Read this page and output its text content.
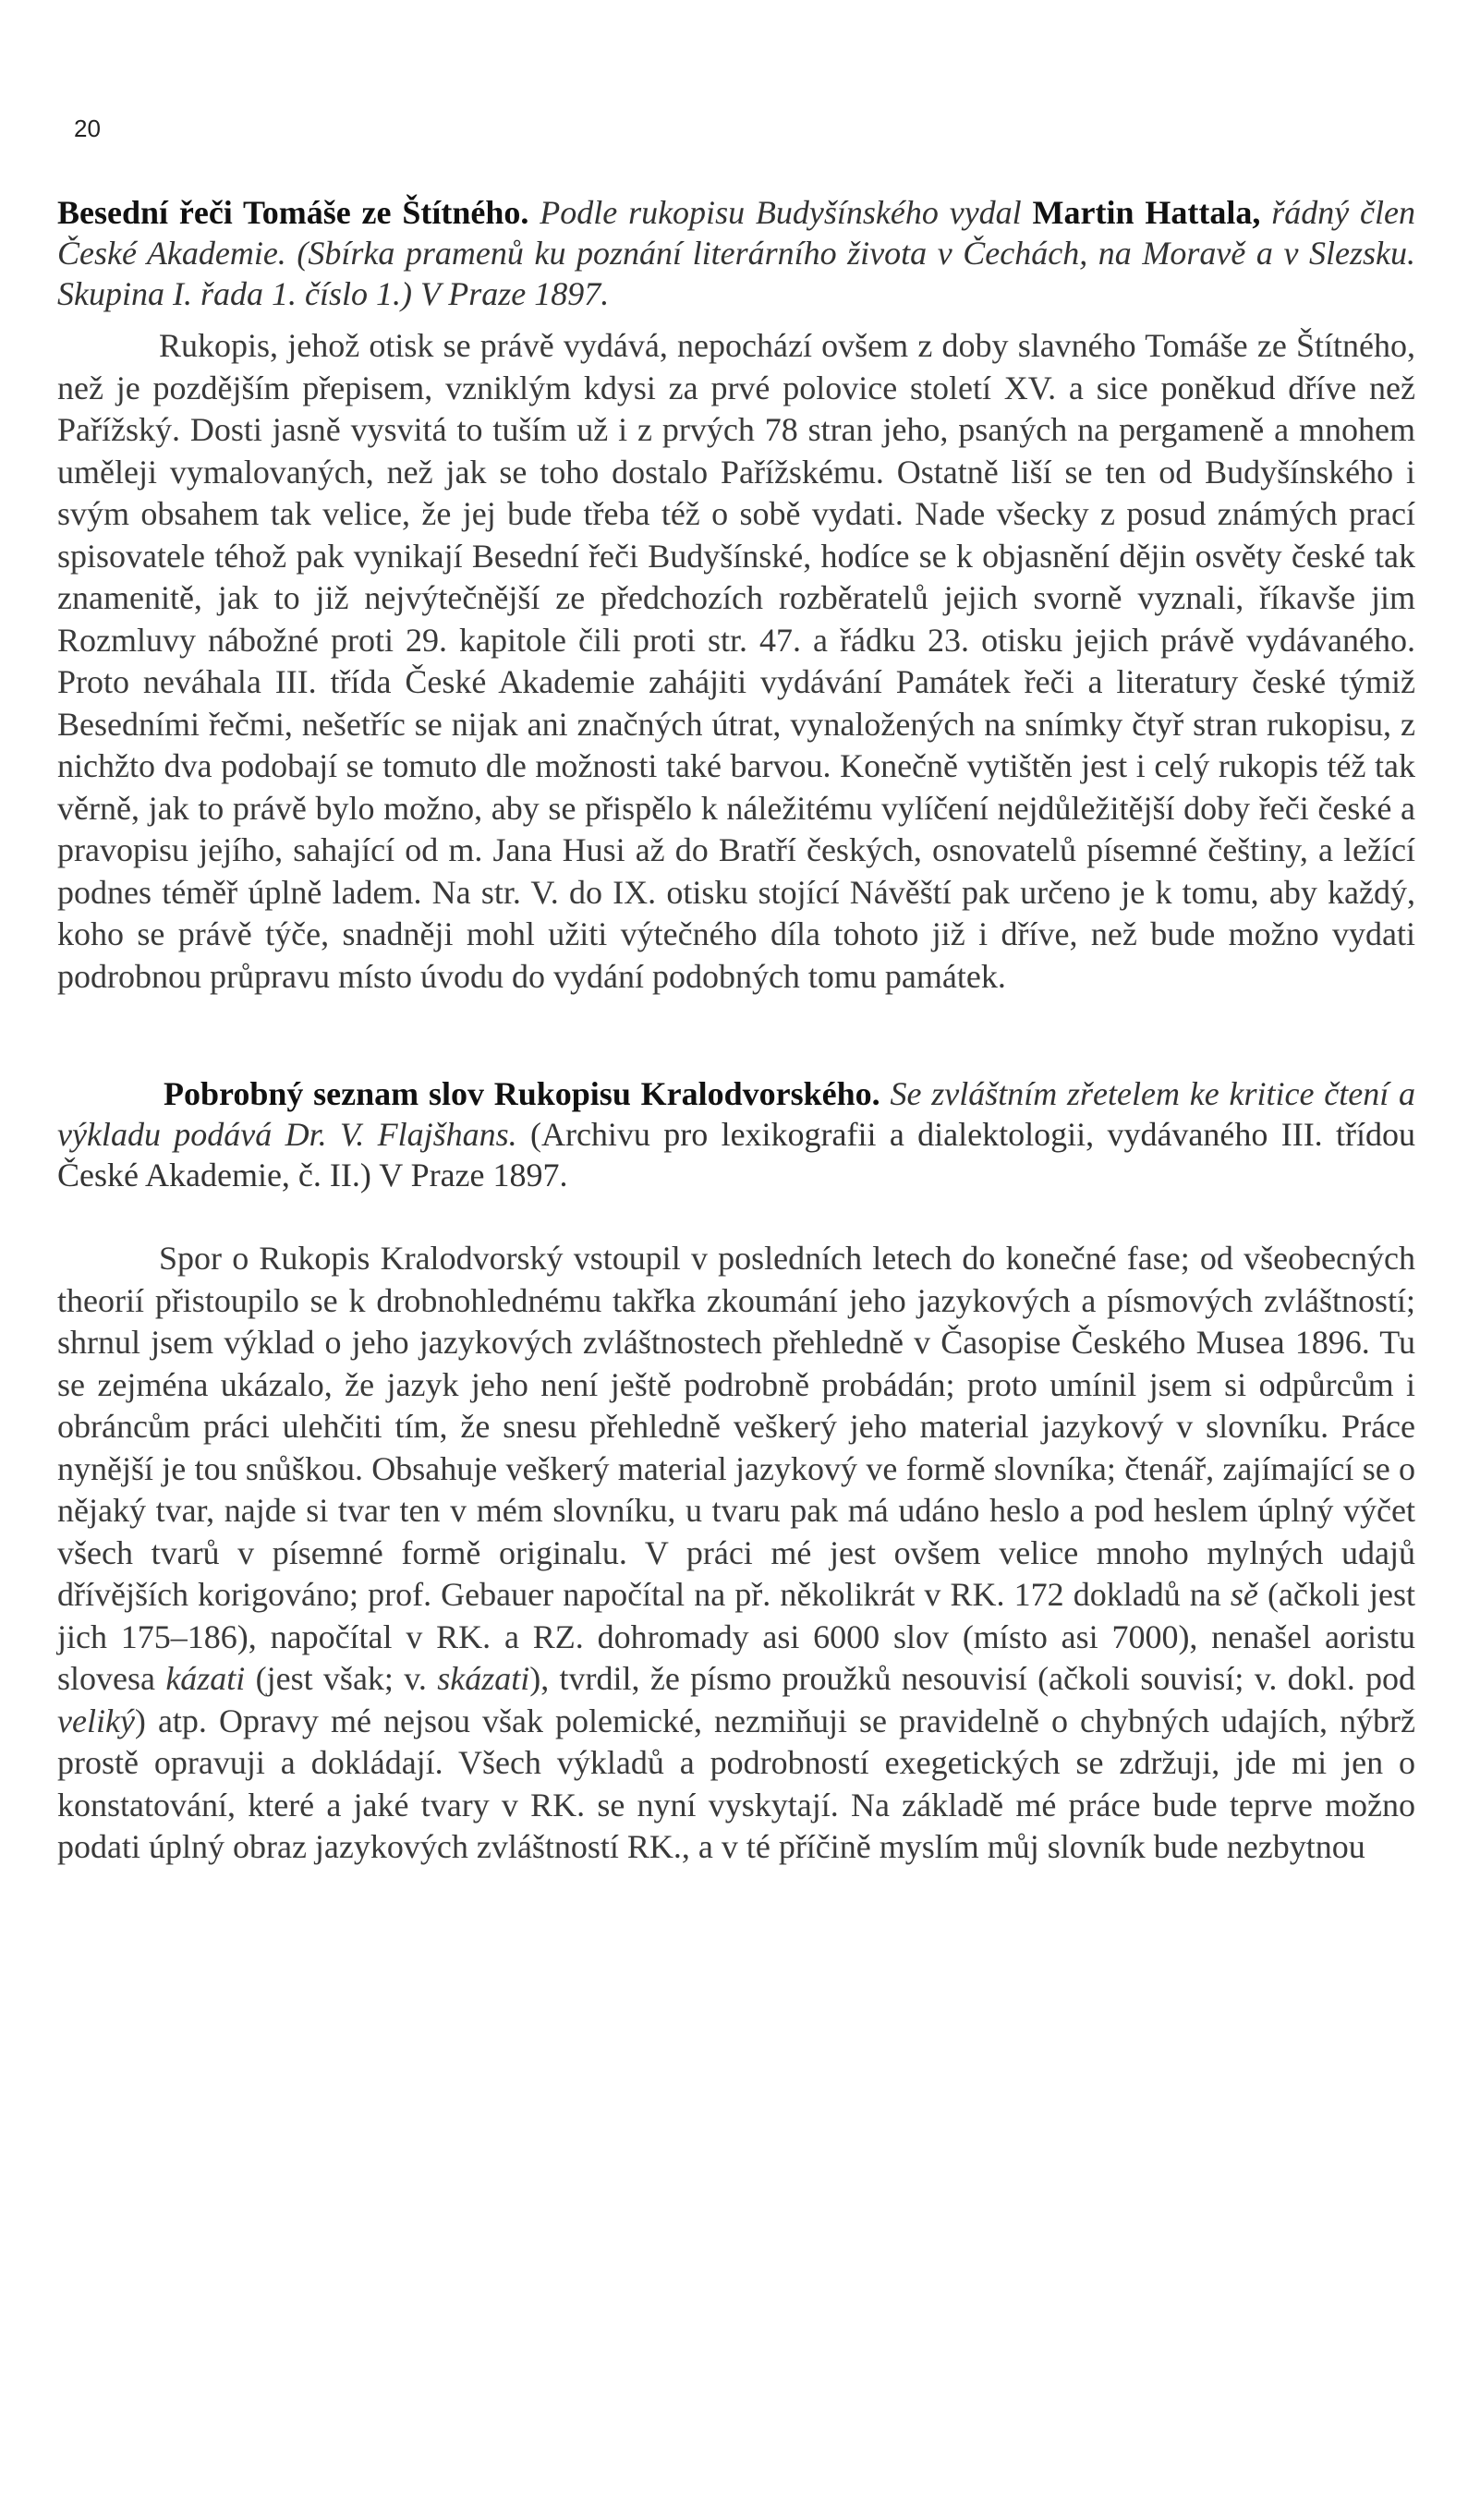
20

Besední řeči Tomáše ze Štítného. Podle rukopisu Budyšínského vydal Martin Hattala, řádný člen České Akademie. (Sbírka pramenů ku poznání literárního života v Čechách, na Moravě a v Slezsku. Skupina I. řada 1. číslo 1.) V Praze 1897.

Rukopis, jehož otisk se právě vydává, nepochází ovšem z doby slavného Tomáše ze Štítného, než je pozdějším přepisem, vzniklým kdysi za prvé polovice století XV. a sice poněkud dříve než Pařížský. Dosti jasně vysvitá to tuším už i z prvých 78 stran jeho, psaných na pergameně a mnohem uměleji vymalovaných, než jak se toho dostalo Pařížskému. Ostatně liší se ten od Budyšínského i svým obsahem tak velice, že jej bude třeba též o sobě vydati. Nade všecky z posud známých prací spisovatele téhož pak vynikají Besední řeči Budyšínské, hodíce se k objasnění dějin osvěty české tak znamenitě, jak to již nejvýtečnější ze předchozích rozběratelů jejich svorně vyznali, říkavše jim Rozmluvy nábožné proti 29. kapitole čili proti str. 47. a řádku 23. otisku jejich právě vydávaného. Proto neváhala III. třída České Akademie zahájiti vydávání Památek řeči a literatury české týmiž Besedními řečmi, nešetříc se nijak ani značných útrat, vynaložených na snímky čtyř stran rukopisu, z nichžto dva podobají se tomuto dle možnosti také barvou. Konečně vytištěn jest i celý rukopis též tak věrně, jak to právě bylo možno, aby se přispělo k náležitému vylíčení nejdůležitější doby řeči české a pravopisu jejího, sahající od m. Jana Husi až do Bratří českých, osnovatelů písemné češtiny, a ležící podnes téměř úplně ladem. Na str. V. do IX. otisku stojící Návěští pak určeno je k tomu, aby každý, koho se právě týče, snadněji mohl užiti výtečného díla tohoto již i dříve, než bude možno vydati podrobnou průpravu místo úvodu do vydání podobných tomu památek.

Pobrobný seznam slov Rukopisu Kralodvorského. Se zvláštním zřetelem ke kritice čtení a výkladu podává Dr. V. Flajšhans. (Archivu pro lexikografii a dialektologii, vydávaného III. třídou České Akademie, č. II.) V Praze 1897.

Spor o Rukopis Kralodvorský vstoupil v posledních letech do konečné fase; od všeobecných theorií přistoupilo se k drobnohlednému takřka zkoumání jeho jazykových a písmových zvláštností; shrnul jsem výklad o jeho jazykových zvláštnostech přehledně v Časopise Českého Musea 1896. Tu se zejména ukázalo, že jazyk jeho není ještě podrobně probádán; proto umínil jsem si odpůrcům i obráncům práci ulehčiti tím, že snesu přehledně veškerý jeho material jazykový v slovníku. Práce nynější je tou snůškou. Obsahuje veškerý material jazykový ve formě slovníka; čtenář, zajímající se o nějaký tvar, najde si tvar ten v mém slovníku, u tvaru pak má udáno heslo a pod heslem úplný výčet všech tvarů v písemné formě originalu. V práci mé jest ovšem velice mnoho mylných udajů dřívějších korigováno; prof. Gebauer napočítal na př. několikrát v RK. 172 dokladů na sě (ačkoli jest jich 175–186), napočítal v RK. a RZ. dohromady asi 6000 slov (místo asi 7000), nenašel aoristu slovesa kázati (jest však; v. skázati), tvrdil, že písmo proužků nesouvisí (ačkoli souvisí; v. dokl. pod veliký) atp. Opravy mé nejsou však polemické, nezmiňuji se pravidelně o chybných udajích, nýbrž prostě opravuji a dokládají. Všech výkladů a podrobností exegetických se zdržuji, jde mi jen o konstatování, které a jaké tvary v RK. se nyní vyskytají. Na základě mé práce bude teprve možno podati úplný obraz jazykových zvláštností RK., a v té příčině myslím můj slovník bude nezbytnou
